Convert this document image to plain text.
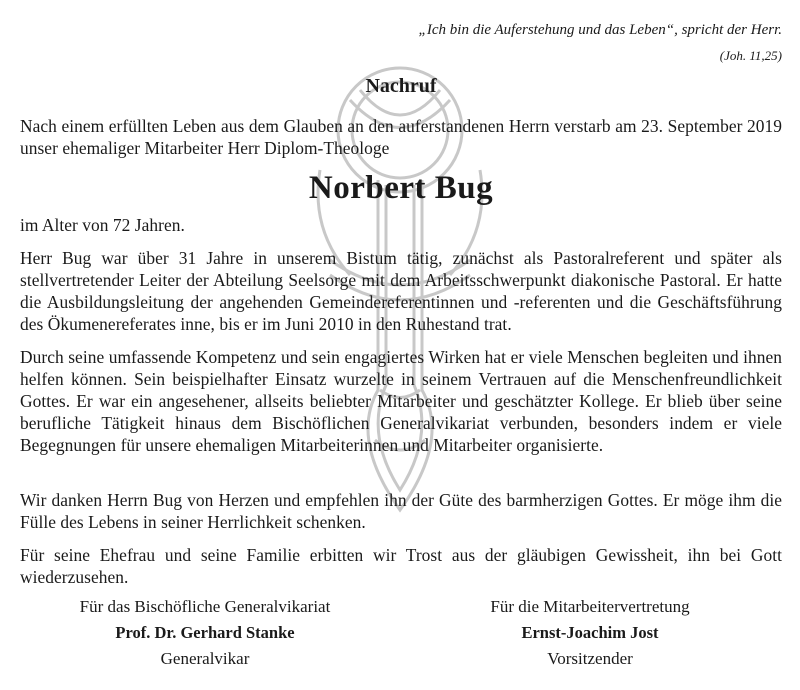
„Ich bin die Auferstehung und das Leben“, spricht der Herr.
(Joh. 11,25)
Nachruf
Nach einem erfüllten Leben aus dem Glauben an den auferstandenen Herrn verstarb am 23. September 2019 unser ehemaliger Mitarbeiter Herr Diplom-Theologe
Norbert Bug
im Alter von 72 Jahren.
Herr Bug war über 31 Jahre in unserem Bistum tätig, zunächst als Pastoralreferent und später als stellvertretender Leiter der Abteilung Seelsorge mit dem Arbeitsschwerpunkt diakonische Pastoral. Er hatte die Ausbildungsleitung der angehenden Gemeindereferentinnen und -referenten und die Geschäftsführung des Ökumenereferates inne, bis er im Juni 2010 in den Ruhestand trat.
Durch seine umfassende Kompetenz und sein engagiertes Wirken hat er viele Menschen begleiten und ihnen helfen können. Sein beispielhafter Einsatz wurzelte in seinem Vertrauen auf die Menschenfreundlichkeit Gottes. Er war ein angesehener, allseits beliebter Mitarbeiter und geschätzter Kollege. Er blieb über seine berufliche Tätigkeit hinaus dem Bischöflichen Generalvikariat verbunden, besonders indem er viele Begegnungen für unsere ehemaligen Mitarbeiterinnen und Mitarbeiter organisierte.
Wir danken Herrn Bug von Herzen und empfehlen ihn der Güte des barmherzigen Gottes. Er möge ihm die Fülle des Lebens in seiner Herrlichkeit schenken.
Für seine Ehefrau und seine Familie erbitten wir Trost aus der gläubigen Gewissheit, ihn bei Gott wiederzusehen.
Für das Bischöfliche Generalvikariat
Prof. Dr. Gerhard Stanke
Generalvikar
Für die Mitarbeitervertretung
Ernst-Joachim Jost
Vorsitzender
